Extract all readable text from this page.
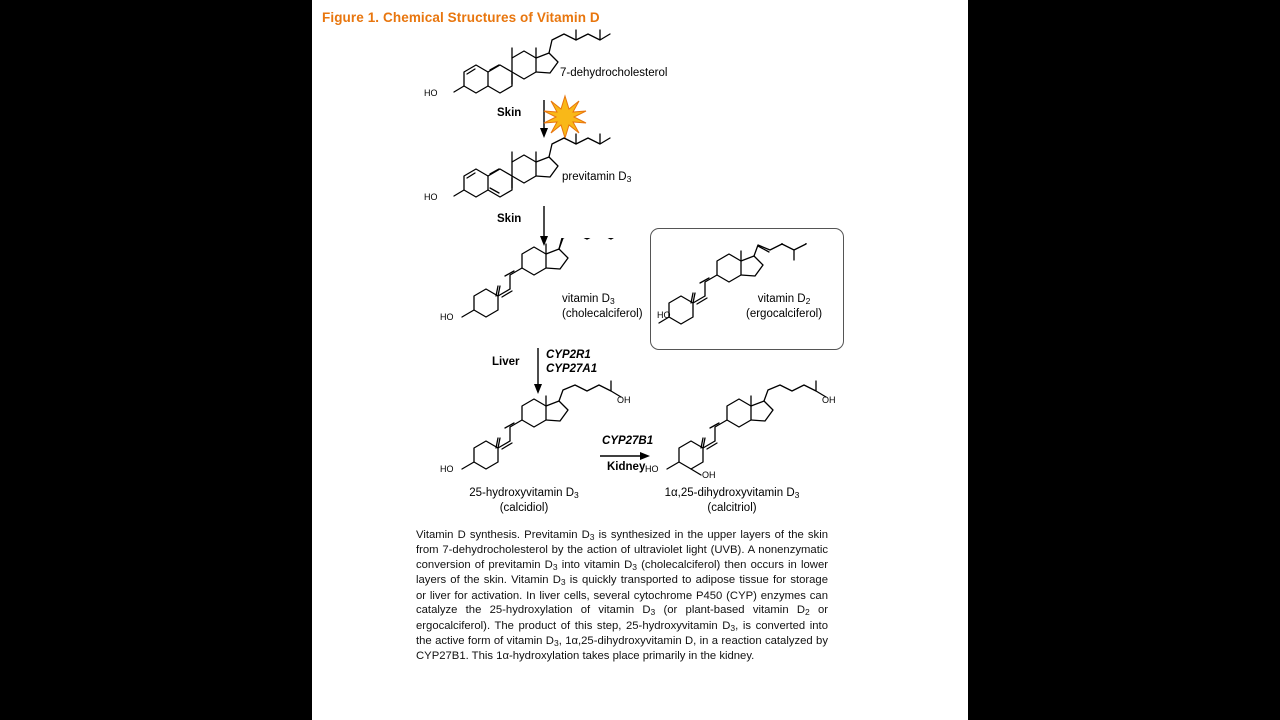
Figure 1. Chemical Structures of Vitamin D
HO
7-dehydrocholesterol
Skin
HO
previtamin $D_3$
Skin
HO
vitamin $D_3$
(cholecalciferol) HO
vitamin $D_2$
(ergocalciferol)
Liver
CYP2R1
CYP27A1
OH
HO
25-hydroxyvitamin $D_3$
(calcidiol)
CYP27B1
Kidney
OH
HO
OH
1α,25-dihydroxyvitamin $D_3$
(calcitriol)

Vitamin D synthesis. Previtamin $D_3$ is synthesized in the upper layers of the skin from 7-dehydrocholesterol by the action of ultraviolet light (UVB). A nonenzymatic conversion of previtamin $D_3$ into vitamin $D_3$ (cholecalciferol) then occurs in lower layers of the skin. Vitamin $D_3$ is quickly transported to adipose tissue for storage or liver for activation. In liver cells, several cytochrome P450 (CYP) enzymes can catalyze the 25-hydroxylation of vitamin $D_3$ (or plant-based vitamin $D_2$ or ergocalciferol). The product of this step, 25-hydroxyvitamin $D_3$, is converted into the active form of vitamin $D_3$, 1α,25-dihydroxyvitamin D, in a reaction catalyzed by CYP27B1. This 1α-hydroxylation takes place primarily in the kidney.
